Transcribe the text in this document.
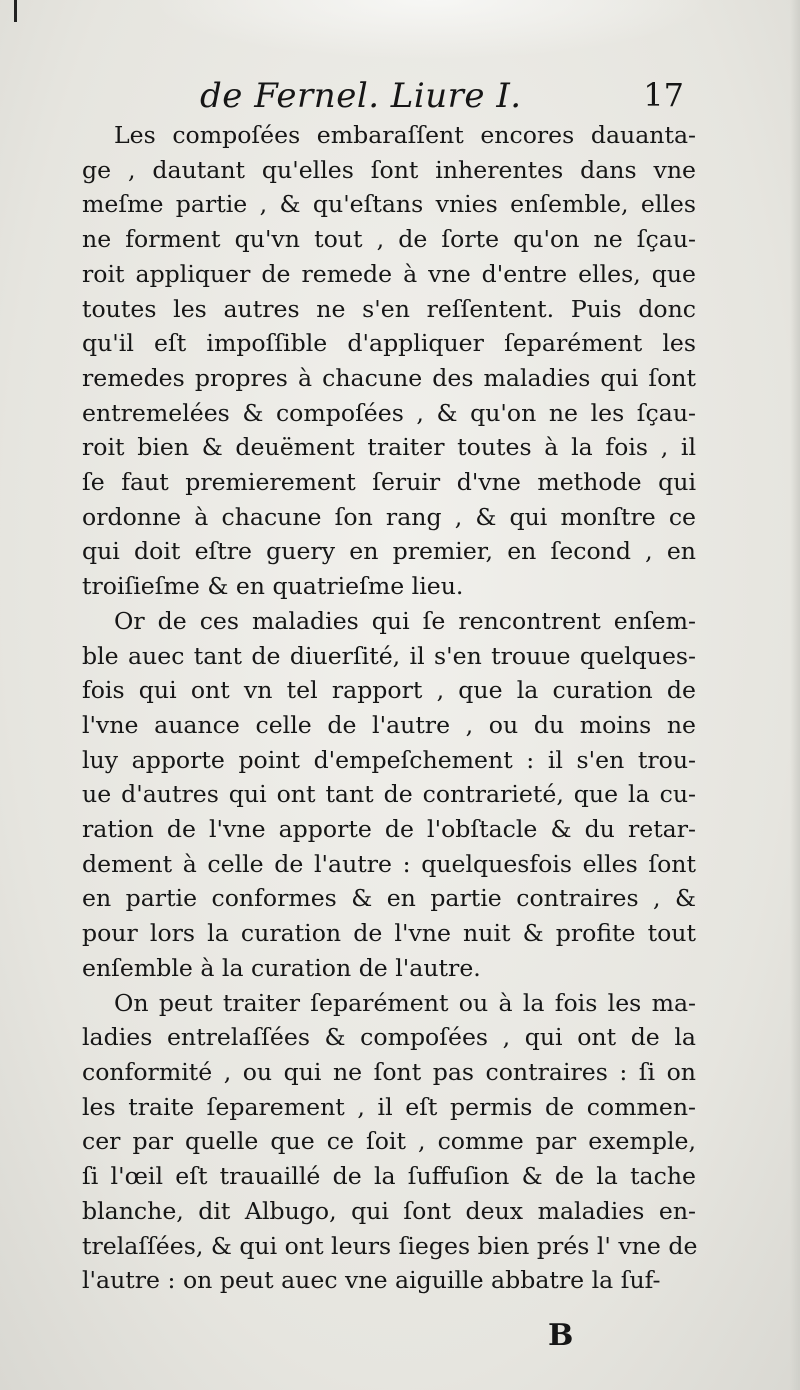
de Fernel. Liure I.	17

Les compoſées embaraſſent encores dauanta-
ge , dautant qu'elles ſont inherentes dans vne
meſme partie , & qu'eſtans vnies enſemble, elles
ne forment qu'vn tout , de ſorte qu'on ne ſçau-
roit appliquer de remede à vne d'entre elles, que
toutes les autres ne s'en reſſentent. Puis donc
qu'il eſt impoſſible d'appliquer ſeparément les
remedes propres à chacune des maladies qui ſont
entremelées & compoſées , & qu'on ne les ſçau-
roit bien & deuëment traiter toutes à la fois , il
ſe faut premierement ſeruir d'vne methode qui
ordonne à chacune ſon rang , & qui monſtre ce
qui doit eſtre guery en premier, en ſecond , en
troiſieſme & en quatrieſme lieu.

Or de ces maladies qui ſe rencontrent enſem-
ble auec tant de diuerſité, il s'en trouue quelques-
fois qui ont vn tel rapport , que la curation de
l'vne auance celle de l'autre , ou du moins ne
luy apporte point d'empeſchement : il s'en trou-
ue d'autres qui ont tant de contrarieté, que la cu-
ration de l'vne apporte de l'obſtacle & du retar-
dement à celle de l'autre : quelquesfois elles ſont
en partie conformes & en partie contraires , &
pour lors la curation de l'vne nuit & profite tout
enſemble à la curation de l'autre.

On peut traiter ſeparément ou à la fois les ma-
ladies entrelaſſées & compoſées , qui ont de la
conformité , ou qui ne ſont pas contraires : ſi on
les traite ſeparement , il eſt permis de commen-
cer par quelle que ce ſoit , comme par exemple,
ſi l'œil eſt trauaillé de la ſuffuſion & de la tache
blanche, dit Albugo, qui ſont deux maladies en-
trelaſſées, & qui ont leurs ſieges bien prés l' vne de
l'autre : on peut auec vne aiguille abbatre la ſuf-

B
